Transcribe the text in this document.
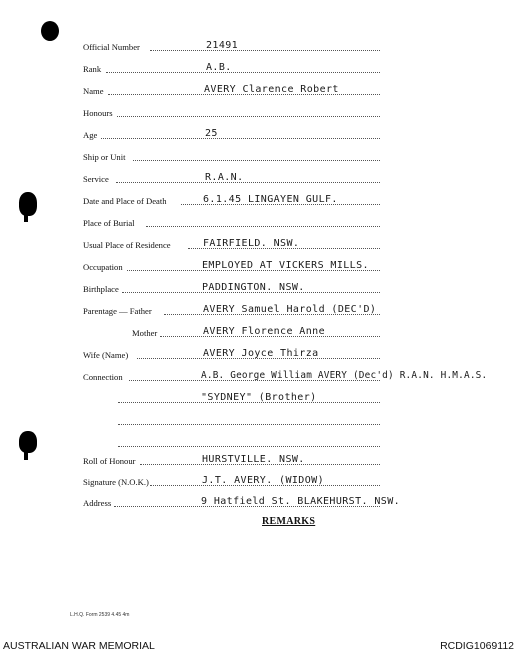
Official Number	21491
Rank	A.B.
Name	AVERY Clarence Robert
Honours
Age	25
Ship or Unit
Service	R.A.N.
Date and Place of Death	6.1.45 LINGAYEN GULF.
Place of Burial
Usual Place of Residence	FAIRFIELD. NSW.
Occupation	EMPLOYED AT VICKERS MILLS.
Birthplace	PADDINGTON. NSW.
Parentage — Father	AVERY Samuel Harold (DEC'D)
Mother	AVERY Florence Anne
Wife (Name)	AVERY Joyce Thirza
Connection	A.B. George William AVERY (Dec'd) R.A.N. H.M.A.S.
"SYDNEY" (Brother)
Roll of Honour	HURSTVILLE. NSW.
Signature (N.O.K.)	J.T. AVERY. (WIDOW)
Address	9 Hatfield St. BLAKEHURST. NSW.
REMARKS
L.H.Q. Form 2539 4.45 4m
AUSTRALIAN WAR MEMORIAL	RCDIG1069112
